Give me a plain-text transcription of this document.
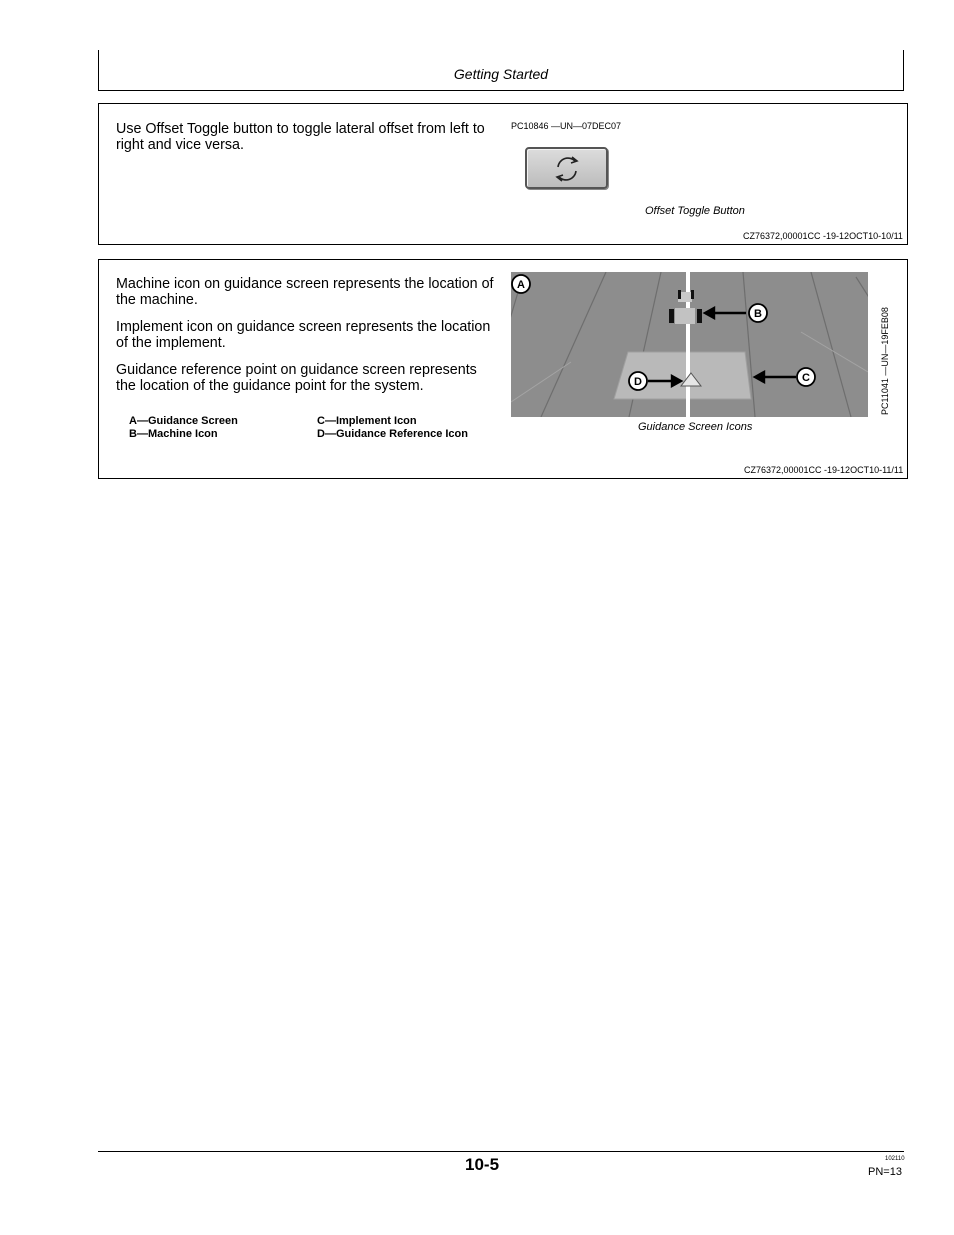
Getting Started
Use Offset Toggle button to toggle lateral offset from left to right and vice versa.
PC10846 —UN—07DEC07
Offset Toggle Button
CZ76372,00001CC -19-12OCT10-10/11
Machine icon on guidance screen represents the location of the machine.
Implement icon on guidance screen represents the location of the implement.
Guidance reference point on guidance screen represents the location of the guidance point for the system.
A—Guidance Screen
B—Machine Icon
C—Implement Icon
D—Guidance Reference Icon
A
B
C
D	PC11041 —UN—19FEB08
Guidance Screen Icons
CZ76372,00001CC -19-12OCT10-11/11
10-5	102110
PN=13
